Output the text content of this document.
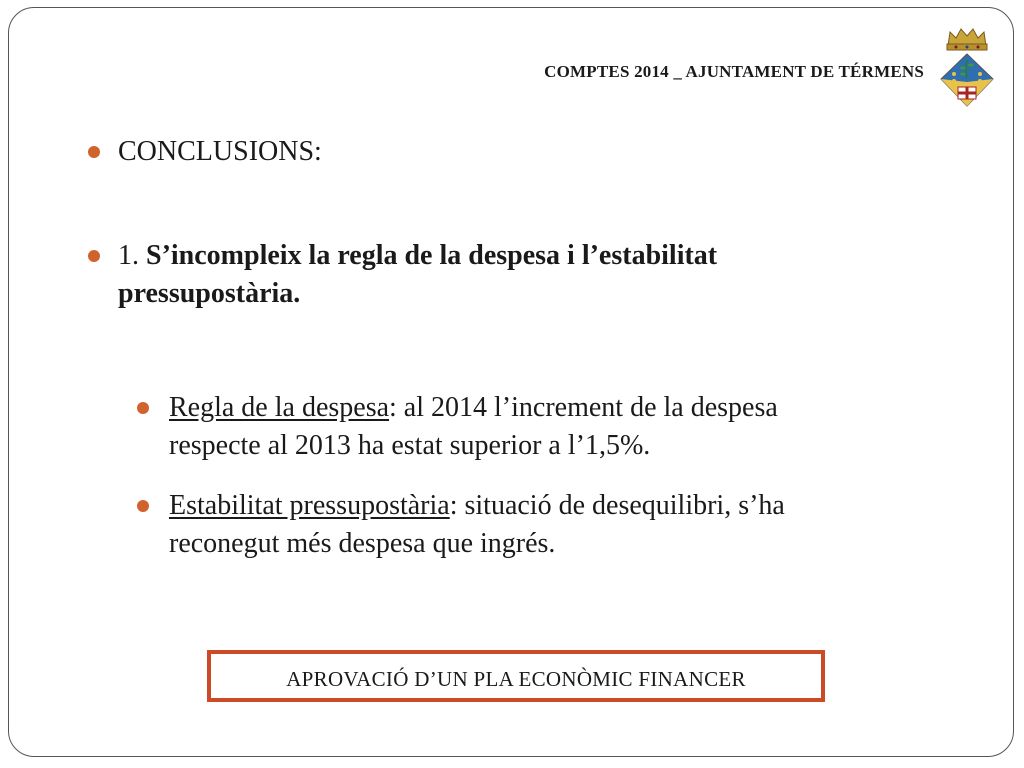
COMPTES 2014 _ AJUNTAMENT DE TÉRMENS
CONCLUSIONS:
1. S’incompleix la regla de la despesa i l’estabilitat
pressupostària.
Regla de la despesa: al 2014 l’increment de la despesa
respecte al 2013 ha estat superior a l’1,5%.
Estabilitat pressupostària: situació de desequilibri, s’ha
reconegut més despesa que ingrés.
APROVACIÓ D’UN PLA ECONÒMIC FINANCER
